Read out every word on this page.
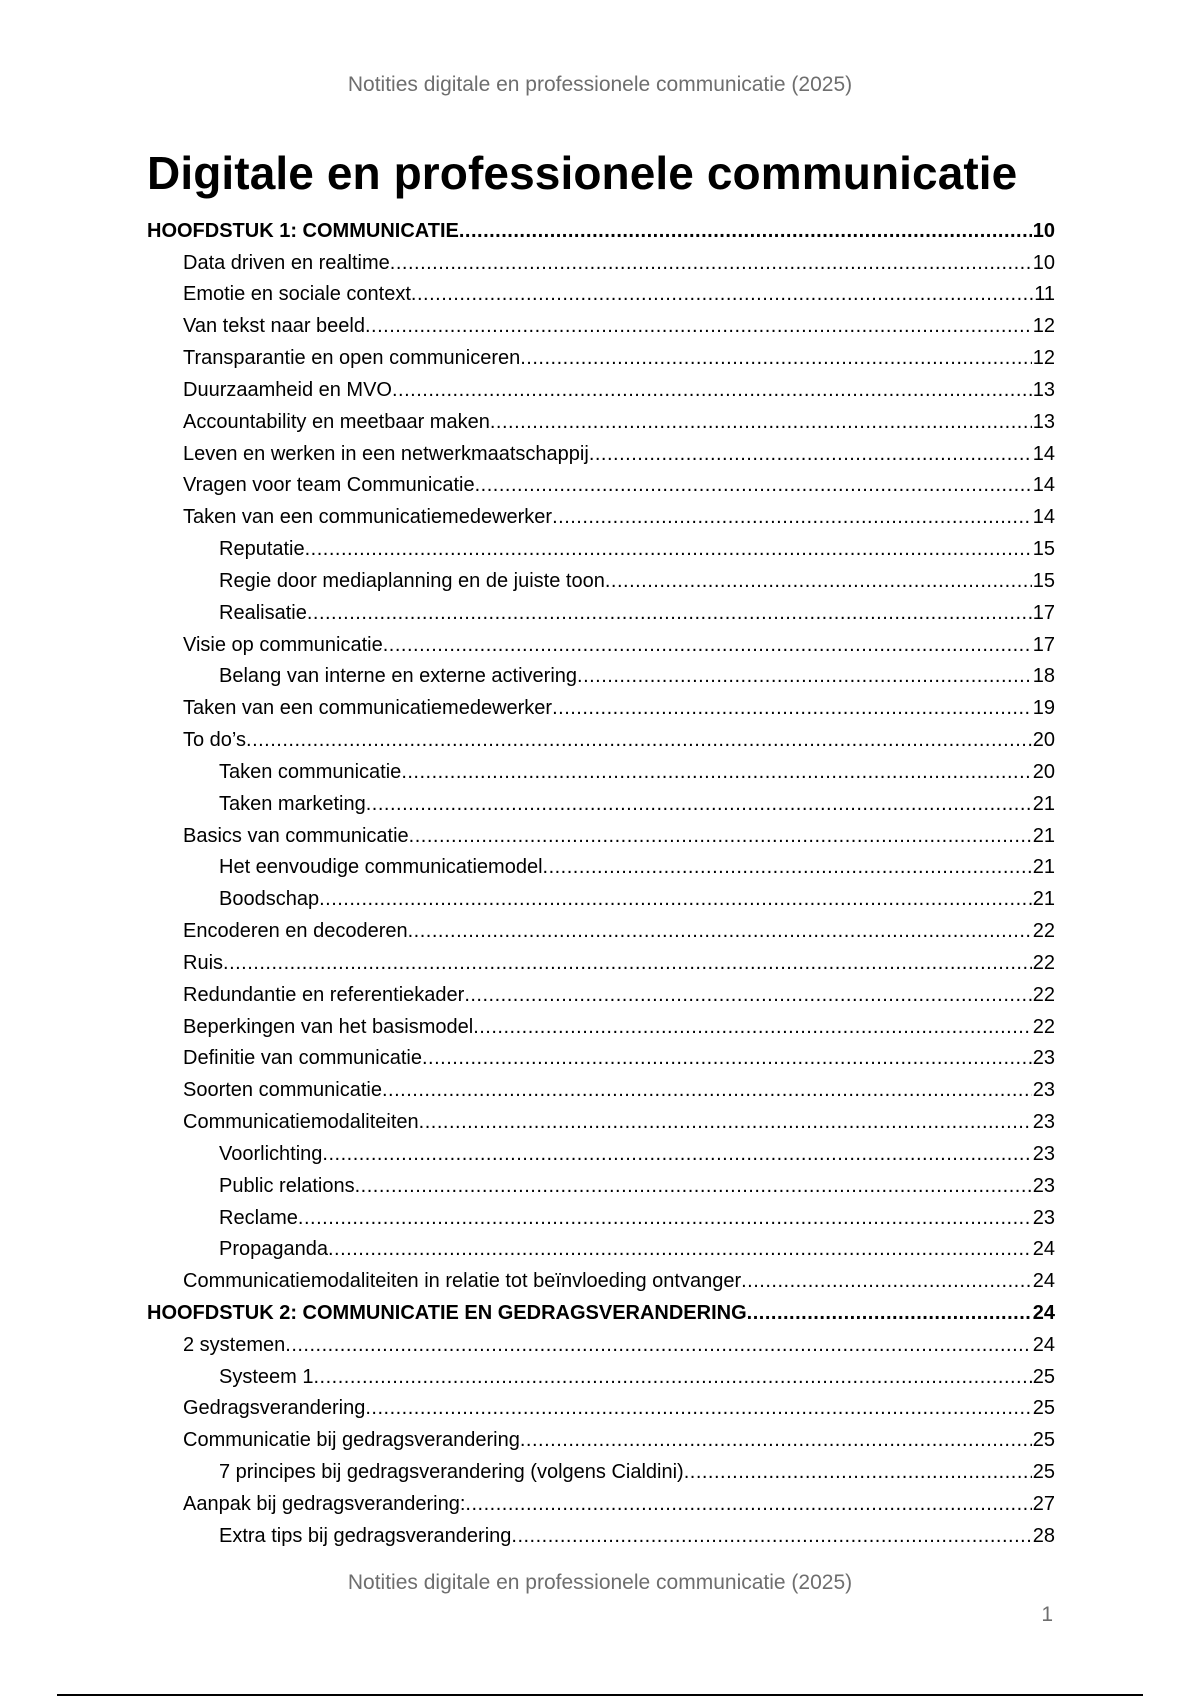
Notities digitale en professionele communicatie (2025)
Digitale en professionele communicatie
HOOFDSTUK 1: COMMUNICATIE .....	10
Data driven en realtime .....	10
Emotie en sociale context .....	11
Van tekst naar beeld .....	12
Transparantie en open communiceren .....	12
Duurzaamheid en MVO .....	13
Accountability en meetbaar maken .....	13
Leven en werken in een netwerkmaatschappij .....	14
Vragen voor team Communicatie .....	14
Taken van een communicatiemedewerker .....	14
Reputatie .....	15
Regie door mediaplanning en de juiste toon .....	15
Realisatie .....	17
Visie op communicatie .....	17
Belang van interne en externe activering .....	18
Taken van een communicatiemedewerker .....	19
To do’s .....	20
Taken communicatie .....	20
Taken marketing .....	21
Basics van communicatie .....	21
Het eenvoudige communicatiemodel .....	21
Boodschap .....	21
Encoderen en decoderen .....	22
Ruis .....	22
Redundantie en referentiekader .....	22
Beperkingen van het basismodel .....	22
Definitie van communicatie .....	23
Soorten communicatie .....	23
Communicatiemodaliteiten .....	23
Voorlichting .....	23
Public relations .....	23
Reclame .....	23
Propaganda .....	24
Communicatiemodaliteiten in relatie tot beïnvloeding ontvanger .....	24
HOOFDSTUK 2: COMMUNICATIE EN GEDRAGSVERANDERING .....	24
2 systemen .....	24
Systeem 1 .....	25
Gedragsverandering .....	25
Communicatie bij gedragsverandering .....	25
7 principes bij gedragsverandering (volgens Cialdini) .....	25
Aanpak bij gedragsverandering: .....	27
Extra tips bij gedragsverandering .....	28
Notities digitale en professionele communicatie (2025)
1
